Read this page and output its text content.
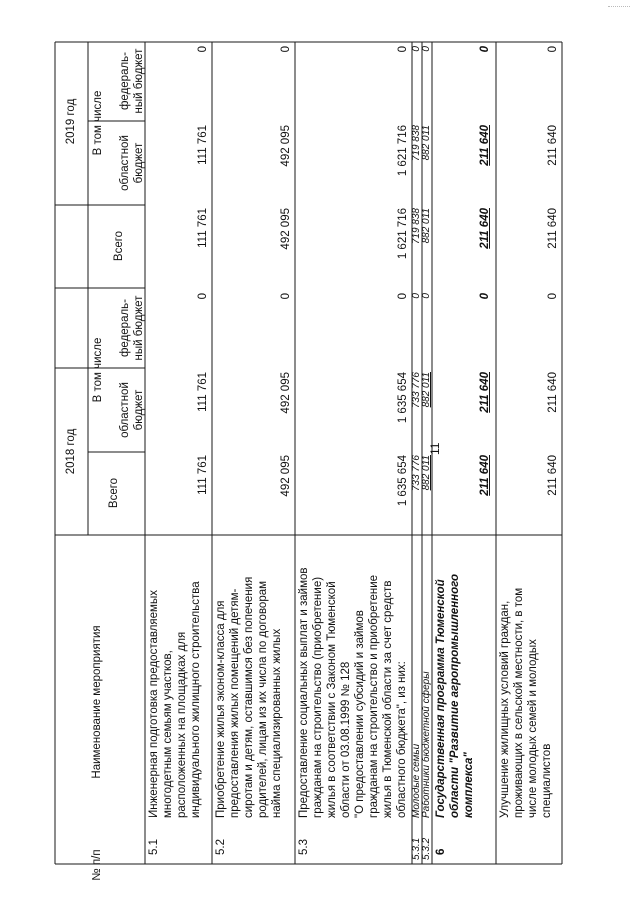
11
№ п/п
Наименование мероприятия
2018 год
2019 год
Всего
В том числе
областной
бюджет
федераль-
ный бюджет
Всего
В том числе
областной
бюджет
федераль-
ный бюджет
5.1
Инженерная подготовка предоставляемых
многодетным семьям участков,
расположенных на площадках для
индивидуального жилищного строительства
111 761
111 761
0
111 761
111 761
0
5.2
Приобретение жилья эконом-класса для
предоставления жилых помещений детям-
сиротам и детям, оставшимся без попечения
родителей, лицам из их числа по договорам
найма специализированных жилых
492 095
492 095
0
492 095
492 095
0
5.3
Предоставление социальных выплат и займов
гражданам на строительство (приобретение)
жилья в соответствии с Законом Тюменской
области от 03.08.1999 № 128
"О предоставлении субсидий и займов
гражданам на строительство и приобретение
жилья в Тюменской области за счет средств
областного бюджета", из них:
1 635 654
1 635 654
0
1 621 716
1 621 716
0
5.3.1
Молодые семьи
733 776
733 776
0
719 838
719 838
0
5.3.2
Работники бюджетной сферы
882 011
882 011
0
882 011
882 011
0
6
Государственная программа Тюменской
области "Развитие агропромышленного
комплекса"
211 640
211 640
0
211 640
211 640
0
Улучшение жилищных условий граждан,
проживающих в сельской местности, в том
числе молодых семей и молодых
специалистов
211 640
211 640
0
211 640
211 640
0
